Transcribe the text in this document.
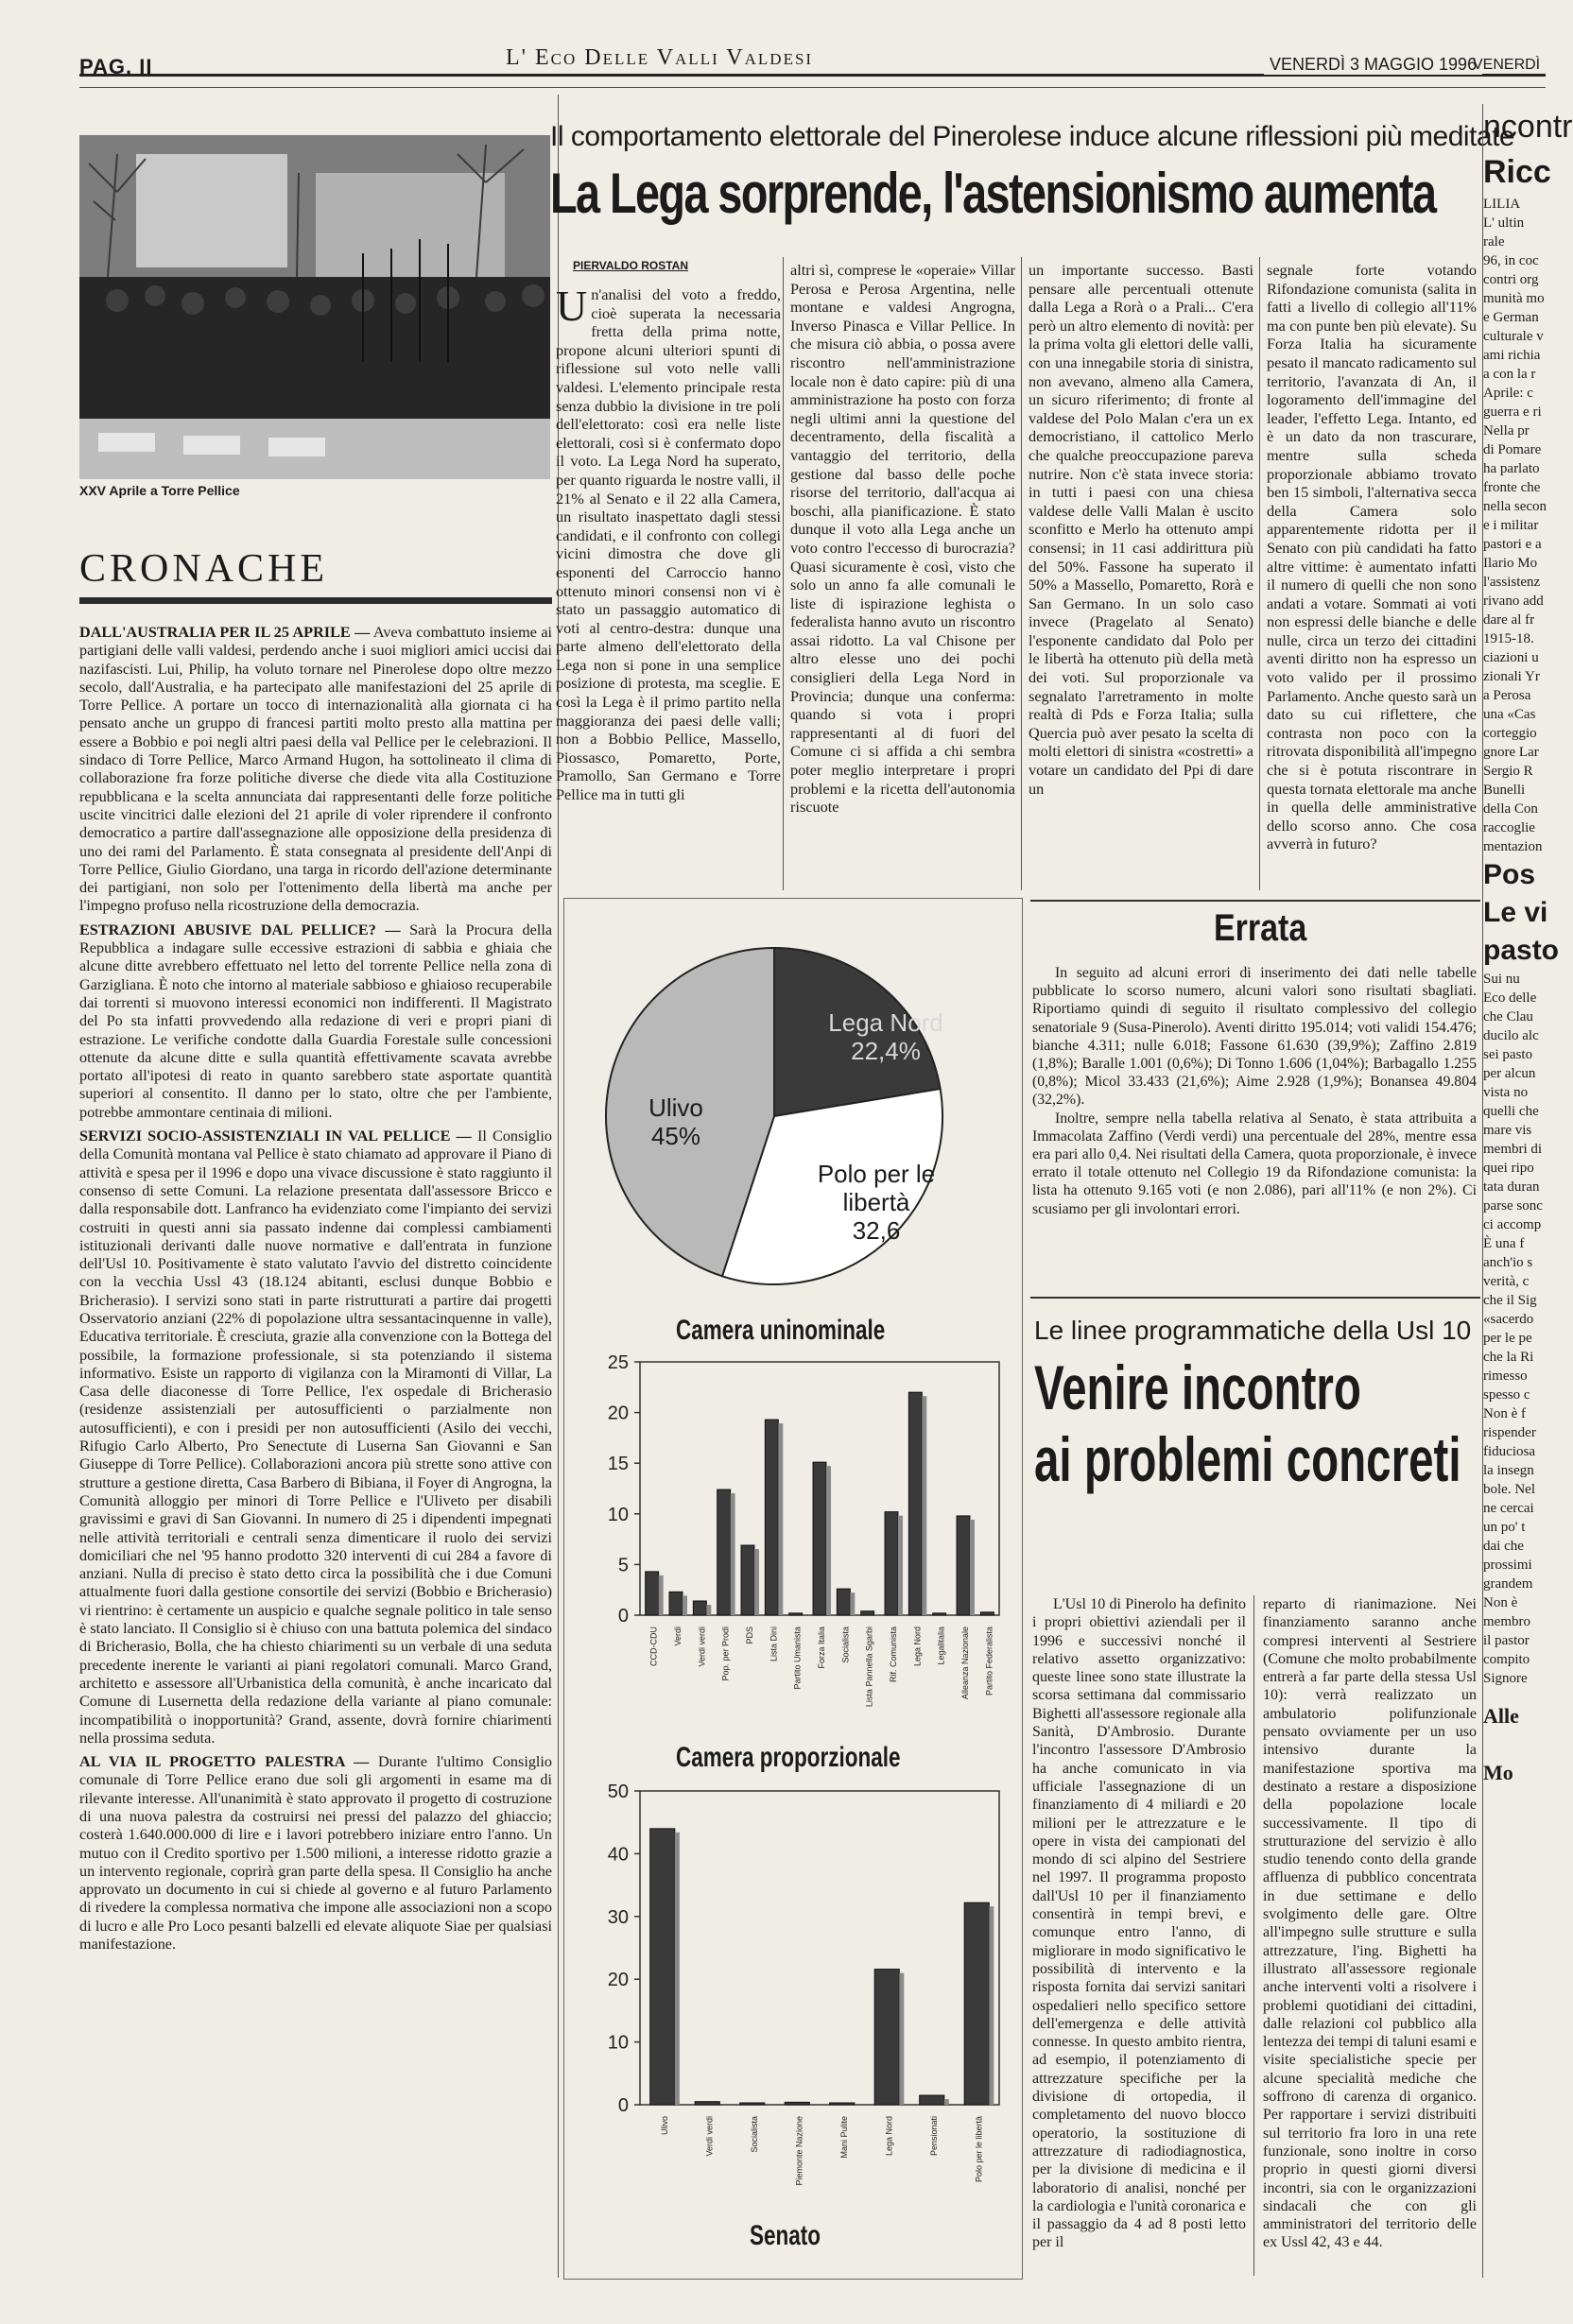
PAG. II	L' Eco Delle Valli Valdesi	VENERDÌ 3 MAGGIO 1996
XXV Aprile a Torre Pellice
CRONACHE

DALL'AUSTRALIA PER IL 25 APRILE — Aveva combattuto insieme ai partigiani delle valli valdesi, perdendo anche i suoi migliori amici uccisi dai nazifascisti. Lui, Philip, ha voluto tornare nel Pinerolese dopo oltre mezzo secolo, dall'Australia, e ha partecipato alle manifestazioni del 25 aprile di Torre Pellice. A portare un tocco di internazionalità alla giornata ci ha pensato anche un gruppo di francesi partiti molto presto alla mattina per essere a Bobbio e poi negli altri paesi della val Pellice per le celebrazioni. Il sindaco di Torre Pellice, Marco Armand Hugon, ha sottolineato il clima di collaborazione fra forze politiche diverse che diede vita alla Costituzione repubblicana e la scelta annunciata dai rappresentanti delle forze politiche uscite vincitrici dalle elezioni del 21 aprile di voler riprendere il confronto democratico a partire dall'assegnazione alle opposizione della presidenza di uno dei rami del Parlamento. È stata consegnata al presidente dell'Anpi di Torre Pellice, Giulio Giordano, una targa in ricordo dell'azione determinante dei partigiani, non solo per l'ottenimento della libertà ma anche per l'impegno profuso nella ricostruzione della democrazia.

ESTRAZIONI ABUSIVE DAL PELLICE? — Sarà la Procura della Repubblica a indagare sulle eccessive estrazioni di sabbia e ghiaia che alcune ditte avrebbero effettuato nel letto del torrente Pellice nella zona di Garzigliana. È noto che intorno al materiale sabbioso e ghiaioso recuperabile dai torrenti si muovono interessi economici non indifferenti. Il Magistrato del Po sta infatti provvedendo alla redazione di veri e propri piani di estrazione. Le verifiche condotte dalla Guardia Forestale sulle concessioni ottenute da alcune ditte e sulla quantità effettivamente scavata avrebbe portato all'ipotesi di reato in quanto sarebbero state asportate quantità superiori al consentito. Il danno per lo stato, oltre che per l'ambiente, potrebbe ammontare centinaia di milioni.

SERVIZI SOCIO-ASSISTENZIALI IN VAL PELLICE — Il Consiglio della Comunità montana val Pellice è stato chiamato ad approvare il Piano di attività e spesa per il 1996 e dopo una vivace discussione è stato raggiunto il consenso di sette Comuni. La relazione presentata dall'assessore Bricco e dalla responsabile dott. Lanfranco ha evidenziato come l'impianto dei servizi costruiti in questi anni sia passato indenne dai complessi cambiamenti istituzionali derivanti dalle nuove normative e dall'entrata in funzione dell'Usl 10. Positivamente è stato valutato l'avvio del distretto coincidente con la vecchia Ussl 43 (18.124 abitanti, esclusi dunque Bobbio e Bricherasio). I servizi sono stati in parte ristrutturati a partire dai progetti Osservatorio anziani (22% di popolazione ultra sessantacinquenne in valle), Educativa territoriale. È cresciuta, grazie alla convenzione con la Bottega del possibile, la formazione professionale, si sta potenziando il sistema informativo. Esiste un rapporto di vigilanza con la Miramonti di Villar, La Casa delle diaconesse di Torre Pellice, l'ex ospedale di Bricherasio (residenze assistenziali per autosufficienti o parzialmente non autosufficienti), e con i presidi per non autosufficienti (Asilo dei vecchi, Rifugio Carlo Alberto, Pro Senectute di Luserna San Giovanni e San Giuseppe di Torre Pellice). Collaborazioni ancora più strette sono attive con strutture a gestione diretta, Casa Barbero di Bibiana, il Foyer di Angrogna, la Comunità alloggio per minori di Torre Pellice e l'Uliveto per disabili gravissimi e gravi di San Giovanni. In numero di 25 i dipendenti impegnati nelle attività territoriali e centrali senza dimenticare il ruolo dei servizi domiciliari che nel '95 hanno prodotto 320 interventi di cui 284 a favore di anziani. Nulla di preciso è stato detto circa la possibilità che i due Comuni attualmente fuori dalla gestione consortile dei servizi (Bobbio e Bricherasio) vi rientrino: è certamente un auspicio e qualche segnale politico in tale senso è stato lanciato. Il Consiglio si è chiuso con una battuta polemica del sindaco di Bricherasio, Bolla, che ha chiesto chiarimenti su un verbale di una seduta precedente inerente le varianti ai piani regolatori comunali. Marco Grand, architetto e assessore all'Urbanistica della comunità, è anche incaricato dal Comune di Lusernetta della redazione della variante al piano comunale: incompatibilità o inopportunità? Grand, assente, dovrà fornire chiarimenti nella prossima seduta.

AL VIA IL PROGETTO PALESTRA — Durante l'ultimo Consiglio comunale di Torre Pellice erano due soli gli argomenti in esame ma di rilevante interesse. All'unanimità è stato approvato il progetto di costruzione di una nuova palestra da costruirsi nei pressi del palazzo del ghiaccio; costerà 1.640.000.000 di lire e i lavori potrebbero iniziare entro l'anno. Un mutuo con il Credito sportivo per 1.500 milioni, a interesse ridotto grazie a un intervento regionale, coprirà gran parte della spesa. Il Consiglio ha anche approvato un documento in cui si chiede al governo e al futuro Parlamento di rivedere la complessa normativa che impone alle associazioni non a scopo di lucro e alle Pro Loco pesanti balzelli ed elevate aliquote Siae per qualsiasi manifestazione.

Il comportamento elettorale del Pinerolese induce alcune riflessioni più meditate
La Lega sorprende, l'astensionismo aumenta
PIERVALDO ROSTAN
Un'analisi del voto a freddo, cioè superata la necessaria fretta della prima notte, propone alcuni ulteriori spunti di riflessione sul voto nelle valli valdesi. L'elemento principale resta senza dubbio la divisione in tre poli dell'elettorato: così era nelle liste elettorali, così si è confermato dopo il voto. La Lega Nord ha superato, per quanto riguarda le nostre valli, il 21% al Senato e il 22 alla Camera, un risultato inaspettato dagli stessi candidati, e il confronto con collegi vicini dimostra che dove gli esponenti del Carroccio hanno ottenuto minori consensi non vi è stato un passaggio automatico di voti al centro-destra: dunque una parte almeno dell'elettorato della Lega non si pone in una semplice posizione di protesta, ma sceglie. E così la Lega è il primo partito nella maggioranza dei paesi delle valli; non a Bobbio Pellice, Massello, Piossasco, Pomaretto, Porte, Pramollo, San Germano e Torre Pellice ma in tutti gli
altri sì, comprese le «operaie» Villar Perosa e Perosa Argentina, nelle montane e valdesi Angrogna, Inverso Pinasca e Villar Pellice. In che misura ciò abbia, o possa avere riscontro nell'amministrazione locale non è dato capire: più di una amministrazione ha posto con forza negli ultimi anni la questione del decentramento, della fiscalità a vantaggio del territorio, della gestione dal basso delle poche risorse del territorio, dall'acqua ai boschi, alla pianificazione. È stato dunque il voto alla Lega anche un voto contro l'eccesso di burocrazia? Quasi sicuramente è così, visto che solo un anno fa alle comunali le liste di ispirazione leghista o federalista hanno avuto un riscontro assai ridotto. La val Chisone per altro elesse uno dei pochi consiglieri della Lega Nord in Provincia; dunque una conferma: quando si vota i propri rappresentanti al di fuori del Comune ci si affida a chi sembra poter meglio interpretare i propri problemi e la ricetta dell'autonomia riscuote
un importante successo. Basti pensare alle percentuali ottenute dalla Lega a Rorà o a Prali... C'era però un altro elemento di novità: per la prima volta gli elettori delle valli, con una innegabile storia di sinistra, non avevano, almeno alla Camera, un sicuro riferimento; di fronte al valdese del Polo Malan c'era un ex democristiano, il cattolico Merlo che qualche preoccupazione pareva nutrire. Non c'è stata invece storia: in tutti i paesi con una chiesa valdese delle Valli Malan è uscito sconfitto e Merlo ha ottenuto ampi consensi; in 11 casi addirittura più del 50%. Fassone ha superato il 50% a Massello, Pomaretto, Rorà e San Germano. In un solo caso invece (Pragelato al Senato) l'esponente candidato dal Polo per le libertà ha ottenuto più della metà dei voti. Sul proporzionale va segnalato l'arretramento in molte realtà di Pds e Forza Italia; sulla Quercia può aver pesato la scelta di molti elettori di sinistra «costretti» a votare un candidato del Ppi di dare un
segnale forte votando Rifondazione comunista (salita in fatti a livello di collegio all'11% ma con punte ben più elevate). Su Forza Italia ha sicuramente pesato il mancato radicamento sul territorio, l'avanzata di An, il logoramento dell'immagine del leader, l'effetto Lega. Intanto, ed è un dato da non trascurare, mentre sulla scheda proporzionale abbiamo trovato ben 15 simboli, l'alternativa secca della Camera solo apparentemente ridotta per il Senato con più candidati ha fatto altre vittime: è aumentato infatti il numero di quelli che non sono andati a votare. Sommati ai voti non espressi delle bianche e delle nulle, circa un terzo dei cittadini aventi diritto non ha espresso un voto valido per il prossimo Parlamento. Anche questo sarà un dato su cui riflettere, che contrasta non poco con la ritrovata disponibilità all'impegno che si è potuta riscontrare in questa tornata elettorale ma anche in quella delle amministrative dello scorso anno. Che cosa avverrà in futuro?
Lega Nord
22,4%
Polo per le
libertà
32,6
Ulivo
45%
Camera uninominale
0
5
10
15
20
25
CCD-CDU Verdi Verdi verdi Pop. per Prodi PDS Lista Dini Partito Umanista Forza Italia Socialista Lista Pannella Sgarbi Rif. Comunista Lega Nord Legalitalia Alleanza Nazionale Partito Federalista
Camera proporzionale
0
10
20
30
40
50
Ulivo	Verdi verdi	Socialista	Piemonte Nazione	Mani Pulite	Lega Nord	Pensionati	Polo per le libertà
Senato
Errata

In seguito ad alcuni errori di inserimento dei dati nelle tabelle pubblicate lo scorso numero, alcuni valori sono risultati sbagliati. Riportiamo quindi di seguito il risultato complessivo del collegio senatoriale 9 (Susa-Pinerolo). Aventi diritto 195.014; voti validi 154.476; bianche 4.311; nulle 6.018; Fassone 61.630 (39,9%); Zaffino 2.819 (1,8%); Baralle 1.001 (0,6%); Di Tonno 1.606 (1,04%); Barbagallo 1.255 (0,8%); Micol 33.433 (21,6%); Aime 2.928 (1,9%); Bonansea 49.804 (32,2%).

Inoltre, sempre nella tabella relativa al Senato, è stata attribuita a Immacolata Zaffino (Verdi verdi) una percentuale del 28%, mentre essa era pari allo 0,4. Nei risultati della Camera, quota proporzionale, è invece errato il totale ottenuto nel Collegio 19 da Rifondazione comunista: la lista ha ottenuto 9.165 voti (e non 2.086), pari all'11% (e non 2%). Ci scusiamo per gli involontari errori.

Le linee programmatiche della Usl 10
Venire incontro
ai problemi concreti
L'Usl 10 di Pinerolo ha definito i propri obiettivi aziendali per il 1996 e successivi nonché il relativo assetto organizzativo: queste linee sono state illustrate la scorsa settimana dal commissario Bighetti all'assessore regionale alla Sanità, D'Ambrosio. Durante l'incontro l'assessore D'Ambrosio ha anche comunicato in via ufficiale l'assegnazione di un finanziamento di 4 miliardi e 20 milioni per le attrezzature e le opere in vista dei campionati del mondo di sci alpino del Sestriere nel 1997. Il programma proposto dall'Usl 10 per il finanziamento consentirà in tempi brevi, e comunque entro l'anno, di migliorare in modo significativo le possibilità di intervento e la risposta fornita dai servizi sanitari ospedalieri nello specifico settore dell'emergenza e delle attività connesse. In questo ambito rientra, ad esempio, il potenziamento di attrezzature specifiche per la divisione di ortopedia, il completamento del nuovo blocco operatorio, la sostituzione di attrezzature di radiodiagnostica, per la divisione di medicina e il laboratorio di analisi, nonché per la cardiologia e l'unità coronarica e il passaggio da 4 ad 8 posti letto per il
reparto di rianimazione. Nei finanziamento saranno anche compresi interventi al Sestriere (Comune che molto probabilmente entrerà a far parte della stessa Usl 10): verrà realizzato un ambulatorio polifunzionale pensato ovviamente per un uso intensivo durante la manifestazione sportiva ma destinato a restare a disposizione della popolazione locale successivamente. Il tipo di strutturazione del servizio è allo studio tenendo conto della grande affluenza di pubblico concentrata in due settimane e dello svolgimento delle gare. Oltre all'impegno sulle strutture e sulla attrezzature, l'ing. Bighetti ha illustrato all'assessore regionale anche interventi volti a risolvere i problemi quotidiani dei cittadini, dalle relazioni col pubblico alla lentezza dei tempi di taluni esami e visite specialistiche specie per alcune specialità mediche che soffrono di carenza di organico. Per rapportare i servizi distribuiti sul territorio fra loro in una rete funzionale, sono inoltre in corso proprio in questi giorni diversi incontri, sia con le organizzazioni sindacali che con gli amministratori del territorio delle ex Ussl 42, 43 e 44.
VENERDÌ
ncontr
Ricc
LILIA
L' ultin
rale
96, in coc
contri org
munità mo
e German
culturale v
ami richia
a con la r
Aprile: c
guerra e ri
Nella pr
di Pomare
ha parlato
fronte che
nella secon
e i militar
pastori e a
Ilario Mo
l'assistenz
rivano add
dare al fr
1915-18.
ciazioni u
zionali Yr
a Perosa
una «Cas
corteggio
gnore Lar
Sergio R
Bunelli
della Con
raccoglie
mentazion
Pos
Le vi
pasto
Sui nu
Eco delle
che Clau
ducilo alc
sei pasto
per alcun
vista no
quelli che
mare vis
membri di
quei ripo
tata duran
parse sonc
ci accomp
È una f
anch'io s
verità, c
che il Sig
«sacerdo
per le pe
che la Ri
rimesso
spesso c
Non è f
rispender
fiduciosa
la insegn
bole. Nel
ne cercai
un po' t
dai che
prossimi
grandem
Non è
membro
il pastor
compito
Signore
Alle
Mo
